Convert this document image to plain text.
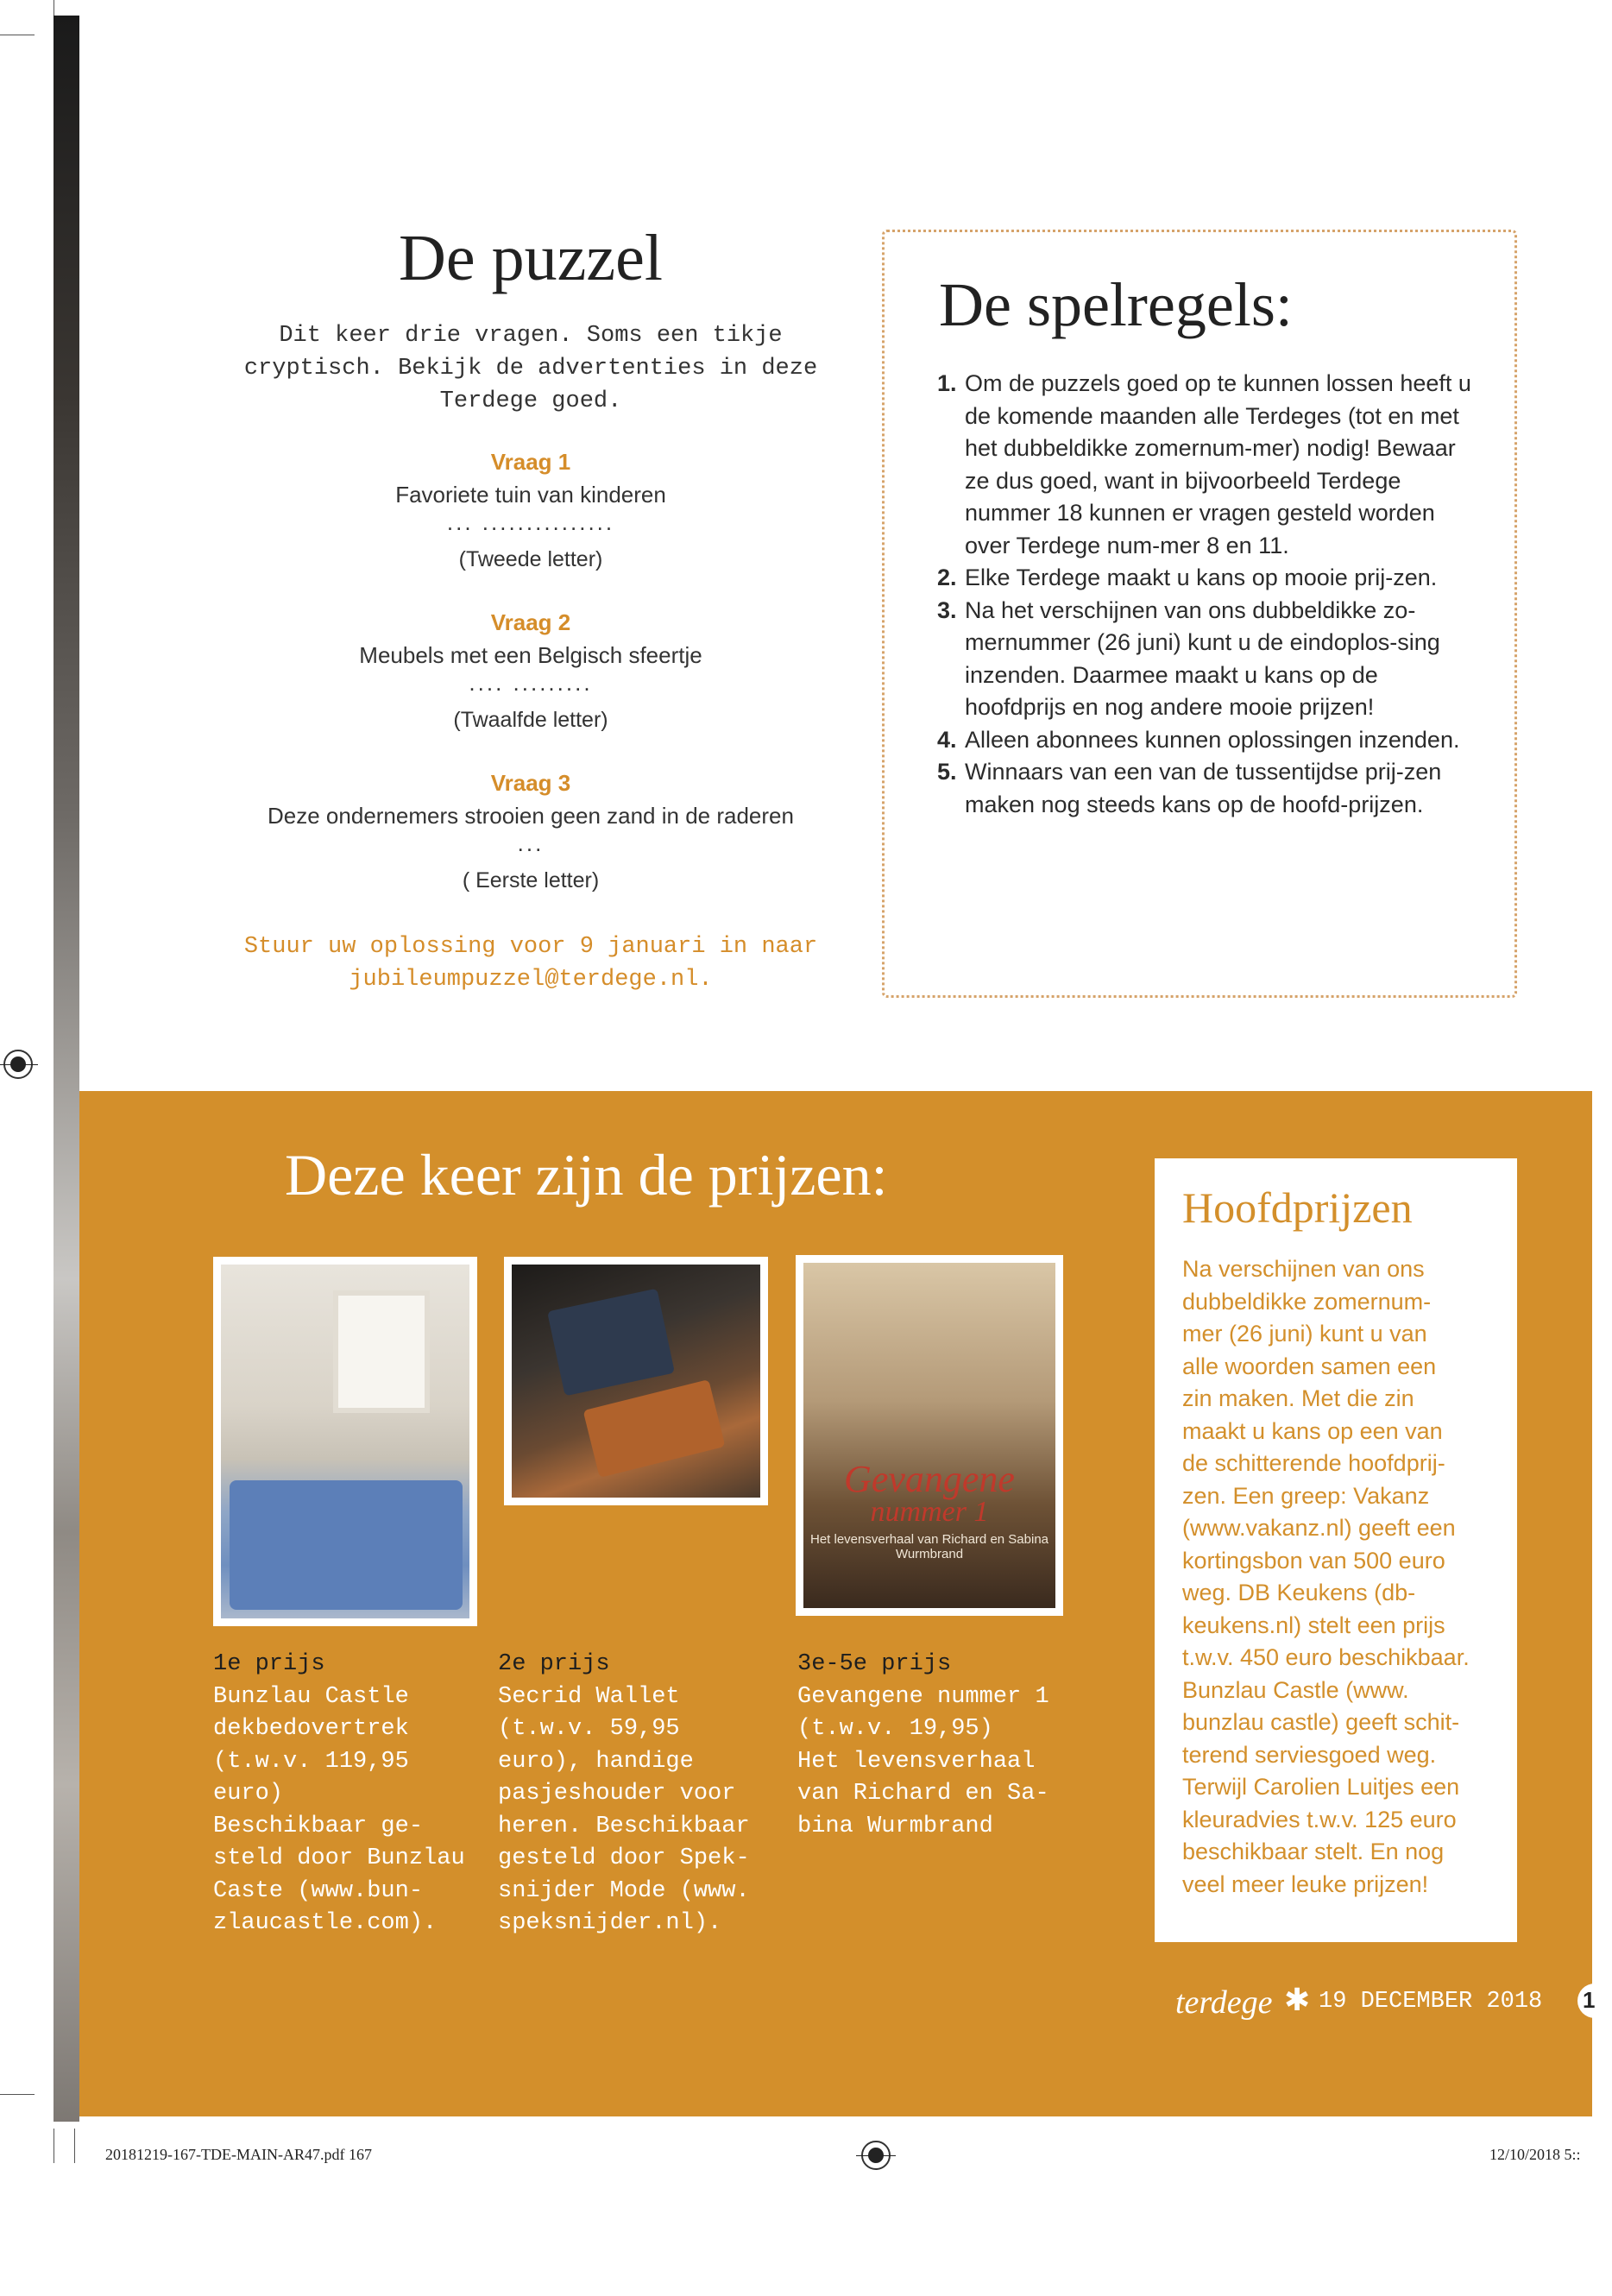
De puzzel
Dit keer drie vragen. Soms een tikje cryptisch. Bekijk de advertenties in deze Terdege goed.
Vraag 1
Favoriete tuin van kinderen
... ...............
(Tweede letter)
Vraag 2
Meubels met een Belgisch sfeertje
.... .........
(Twaalfde letter)
Vraag 3
Deze ondernemers strooien geen zand in de raderen
...
( Eerste letter)
Stuur uw oplossing voor 9 januari in naar jubileumpuzzel@terdege.nl.
De spelregels:
1. Om de puzzels goed op te kunnen lossen heeft u de komende maanden alle Terdeges (tot en met het dubbeldikke zomernum-mer) nodig! Bewaar ze dus goed, want in bijvoorbeeld Terdege nummer 18 kunnen er vragen gesteld worden over Terdege num-mer 8 en 11.
2. Elke Terdege maakt u kans op mooie prij-zen.
3. Na het verschijnen van ons dubbeldikke zo-mernummer (26 juni) kunt u de eindoplos-sing inzenden. Daarmee maakt u kans op de hoofdprijs en nog andere mooie prijzen!
4. Alleen abonnees kunnen oplossingen inzenden.
5. Winnaars van een van de tussentijdse prij-zen maken nog steeds kans op de hoofd-prijzen.
Deze keer zijn de prijzen:
Gevangene
nummer 1
Het levensverhaal van Richard en Sabina Wurmbrand
1e prijs
Bunzlau Castle
dekbedovertrek
(t.w.v. 119,95
euro)
Beschikbaar ge-
steld door Bunzlau
Caste (www.bun-
zlaucastle.com).
2e prijs
Secrid Wallet
(t.w.v. 59,95
euro), handige
pasjeshouder voor
heren. Beschikbaar
gesteld door Spek-
snijder Mode (www.
speksnijder.nl).
3e-5e prijs
Gevangene nummer 1
(t.w.v. 19,95)
Het levensverhaal
van Richard en Sa-
bina Wurmbrand
Hoofdprijzen
Na verschijnen van ons
dubbeldikke zomernum-
mer (26 juni) kunt u van
alle woorden samen een
zin maken. Met die zin
maakt u kans op een van
de schitterende hoofdprij-
zen. Een greep: Vakanz
(www.vakanz.nl) geeft een
kortingsbon van 500 euro
weg. DB Keukens (db-
keukens.nl) stelt een prijs
t.w.v. 450 euro beschikbaar.
Bunzlau Castle (www.
bunzlau castle) geeft schit-
terend serviesgoed weg.
Terwijl Carolien Luitjes een
kleuradvies t.w.v. 125 euro
beschikbaar stelt. En nog
veel meer leuke prijzen!
terdege ✱ 19 DECEMBER 2018 1
20181219-167-TDE-MAIN-AR47.pdf 167	12/10/2018 5::
